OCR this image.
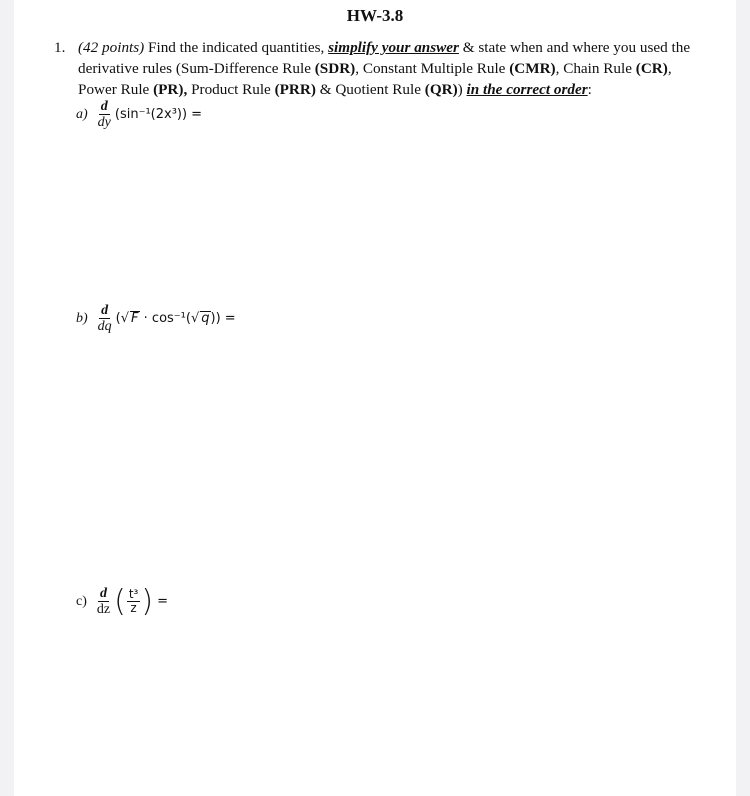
HW-3.8
1. (42 points) Find the indicated quantities, simplify your answer & state when and where you used the derivative rules (Sum-Difference Rule (SDR), Constant Multiple Rule (CMR), Chain Rule (CR), Power Rule (PR), Product Rule (PRR) & Quotient Rule (QR)) in the correct order:
$a) \frac{d}{dy} (\sin^{-1}(2x^3))$ =
$b) \frac{d}{dq}$ (√ F · cos⁻¹(√ q)) =
$c) \frac{d}{dz}$ ( t³
z ) =
